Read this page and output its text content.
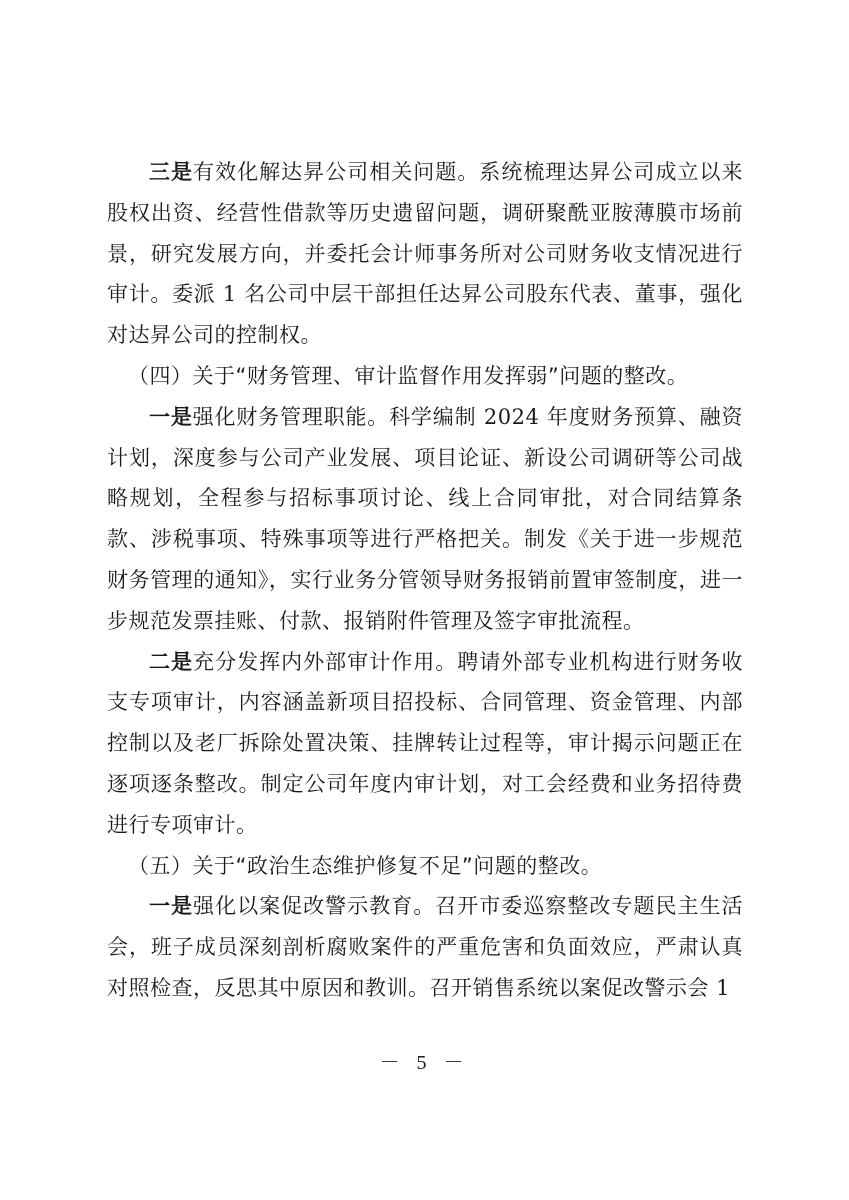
三是有效化解达昇公司相关问题。系统梳理达昇公司成立以来股权出资、经营性借款等历史遗留问题，调研聚酰亚胺薄膜市场前景，研究发展方向，并委托会计师事务所对公司财务收支情况进行审计。委派 1 名公司中层干部担任达昇公司股东代表、董事，强化对达昇公司的控制权。

（四）关于“财务管理、审计监督作用发挥弱”问题的整改。

一是强化财务管理职能。科学编制 2024 年度财务预算、融资计划，深度参与公司产业发展、项目论证、新设公司调研等公司战略规划，全程参与招标事项讨论、线上合同审批，对合同结算条款、涉税事项、特殊事项等进行严格把关。制发《关于进一步规范财务管理的通知》，实行业务分管领导财务报销前置审签制度，进一步规范发票挂账、付款、报销附件管理及签字审批流程。

二是充分发挥内外部审计作用。聘请外部专业机构进行财务收支专项审计，内容涵盖新项目招投标、合同管理、资金管理、内部控制以及老厂拆除处置决策、挂牌转让过程等，审计揭示问题正在逐项逐条整改。制定公司年度内审计划，对工会经费和业务招待费进行专项审计。

（五）关于“政治生态维护修复不足”问题的整改。

一是强化以案促改警示教育。召开市委巡察整改专题民主生活会，班子成员深刻剖析腐败案件的严重危害和负面效应，严肃认真对照检查，反思其中原因和教训。召开销售系统以案促改警示会 1

－ 5 －
